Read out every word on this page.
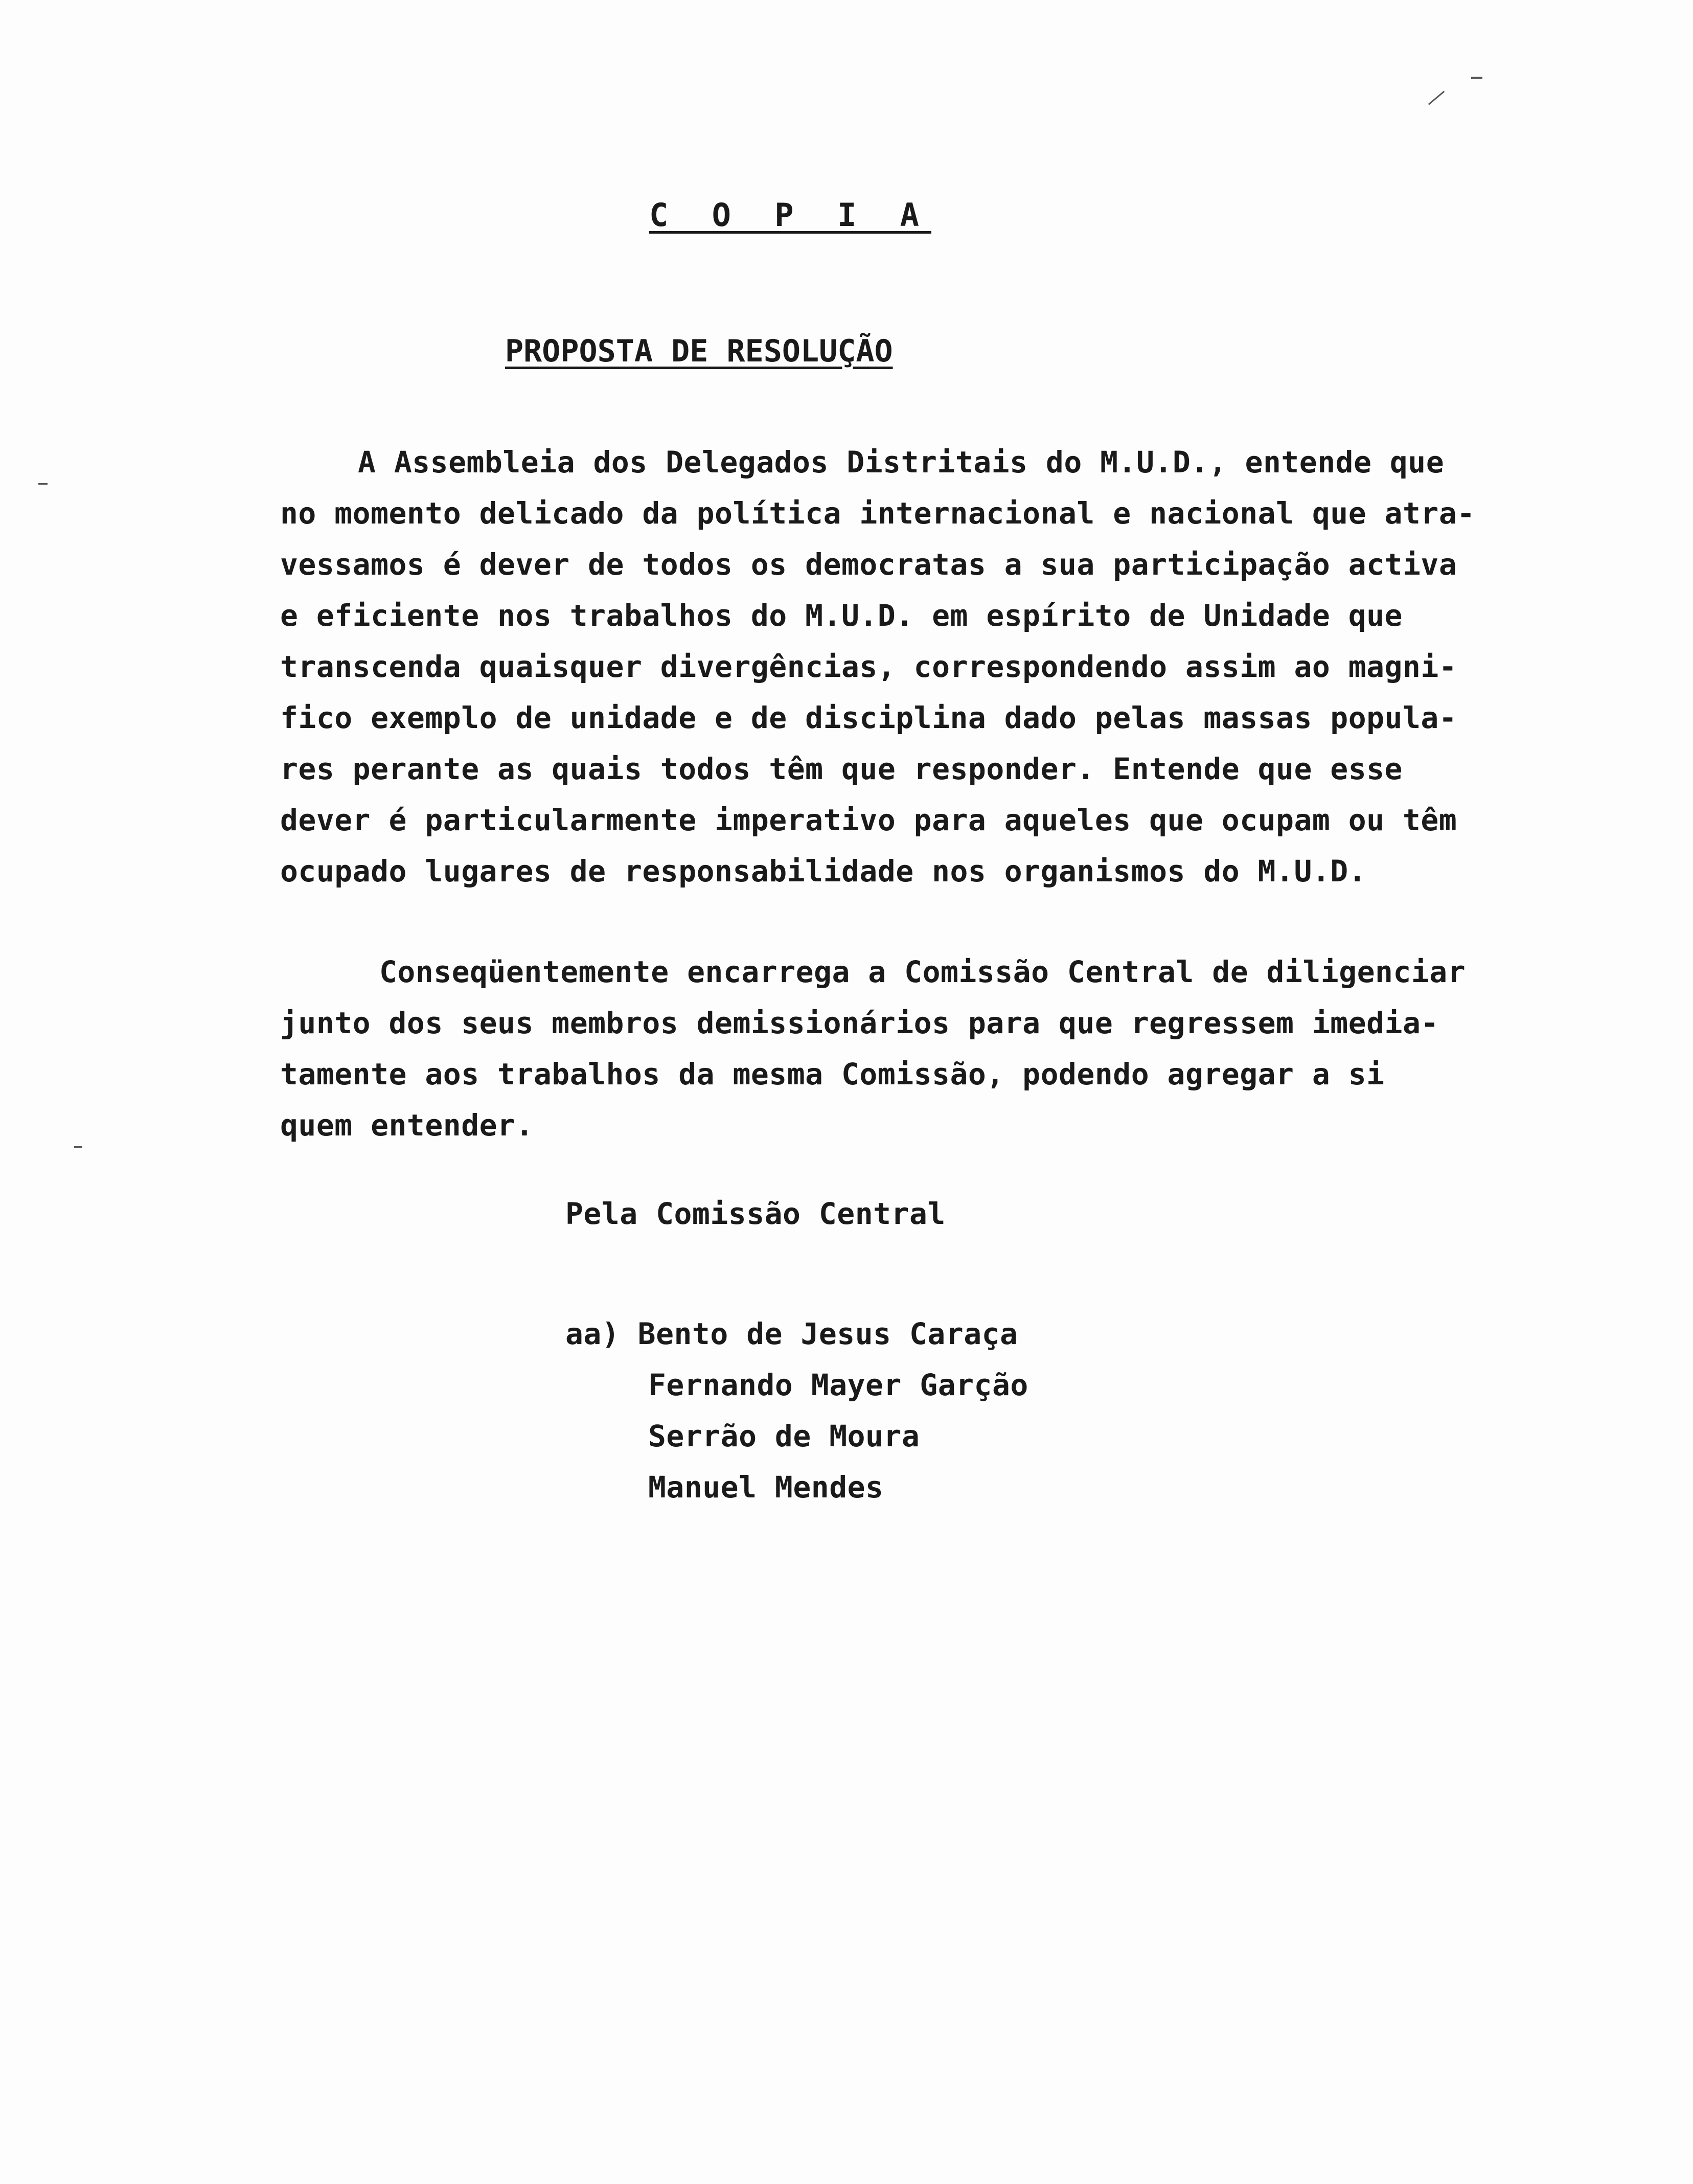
C O P I A
PROPOSTA DE RESOLUÇÃO
A Assembleia dos Delegados Distritais do M.U.D., entende que
no momento delicado da política internacional e nacional que atra-
vessamos é dever de todos os democratas a sua participação activa
e eficiente nos trabalhos do M.U.D. em espírito de Unidade que
transcenda quaisquer divergências, correspondendo assim ao magni-
fico exemplo de unidade e de disciplina dado pelas massas popula-
res perante as quais todos têm que responder. Entende que esse
dever é particularmente imperativo para aqueles que ocupam ou têm
ocupado lugares de responsabilidade nos organismos do M.U.D.
Conseqüentemente encarrega a Comissão Central de diligenciar
junto dos seus membros demissionários para que regressem imedia-
tamente aos trabalhos da mesma Comissão, podendo agregar a si
quem entender.
Pela Comissão Central
aa) Bento de Jesus Caraça
Fernando Mayer Garção
Serrão de Moura
Manuel Mendes
